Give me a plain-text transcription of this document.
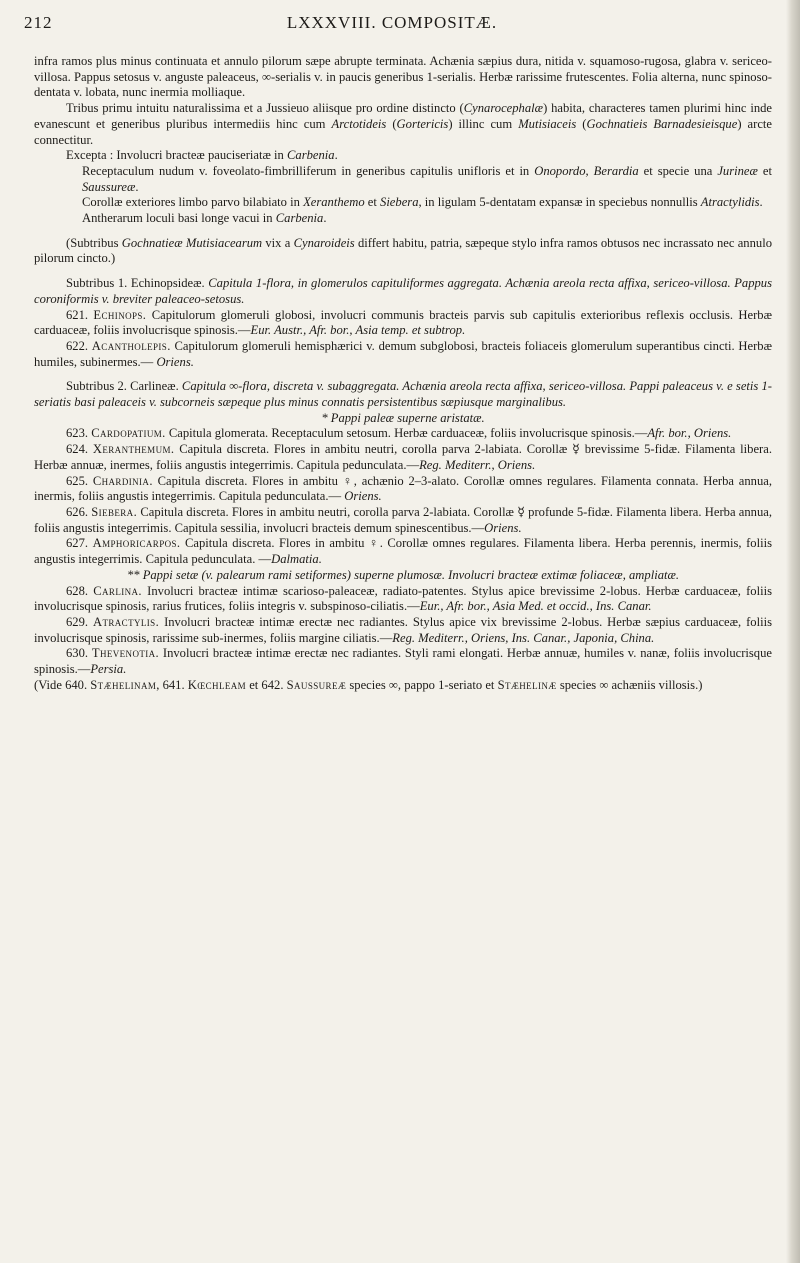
212	LXXXVIII. COMPOSITÆ.

infra ramos plus minus continuata et annulo pilorum sæpe abrupte terminata. Achænia sæpius dura, nitida v. squamoso-rugosa, glabra v. sericeo-villosa. Pappus setosus v. anguste paleaceus, ∞-serialis v. in paucis generibus 1-serialis. Herbæ rarissime frutescentes. Folia alterna, nunc spinoso-dentata v. lobata, nunc inermia molliaque.

Tribus primu intuitu naturalissima et a Jussieuo aliisque pro ordine distincto (Cynarocephalæ) habita, characteres tamen plurimi hinc inde evanescunt et generibus pluribus intermediis hinc cum Arctotideis (Gortericis) illinc cum Mutisiaceis (Gochnatieis Barnadesieisque) arcte connectitur.

Excepta : Involucri bracteæ pauciseriatæ in Carbenia.

Receptaculum nudum v. foveolato-fimbrilliferum in generibus capitulis unifloris et in Onopordo, Berardia et specie una Jurineæ et Saussureæ.

Corollæ exteriores limbo parvo bilabiato in Xeranthemo et Siebera, in ligulam 5-dentatam expansæ in speciebus nonnullis Atractylidis.

Antherarum loculi basi longe vacui in Carbenia.

(Subtribus Gochnatieæ Mutisiacearum vix a Cynaroideis differt habitu, patria, sæpeque stylo infra ramos obtusos nec incrassato nec annulo pilorum cincto.)

Subtribus 1. Echinopsideæ. Capitula 1-flora, in glomerulos capituliformes aggregata. Achænia areola recta affixa, sericeo-villosa. Pappus coroniformis v. breviter paleaceo-setosus.

621. Echinops. Capitulorum glomeruli globosi, involucri communis bracteis parvis sub capitulis exterioribus reflexis occlusis. Herbæ carduaceæ, foliis involucrisque spinosis.—Eur. Austr., Afr. bor., Asia temp. et subtrop.

622. Acantholepis. Capitulorum glomeruli hemisphærici v. demum subglobosi, bracteis foliaceis glomerulum superantibus cincti. Herbæ humiles, subinermes.— Oriens.

Subtribus 2. Carlineæ. Capitula ∞-flora, discreta v. subaggregata. Achænia areola recta affixa, sericeo-villosa. Pappi paleaceus v. e setis 1-seriatis basi paleaceis v. subcorneis sæpeque plus minus connatis persistentibus sæpiusque marginalibus.

* Pappi paleæ superne aristatæ.

623. Cardopatium. Capitula glomerata. Receptaculum setosum. Herbæ carduaceæ, foliis involucrisque spinosis.—Afr. bor., Oriens.

624. Xeranthemum. Capitula discreta. Flores in ambitu neutri, corolla parva 2-labiata. Corollæ ☿ brevissime 5-fidæ. Filamenta libera. Herbæ annuæ, inermes, foliis angustis integerrimis. Capitula pedunculata.—Reg. Mediterr., Oriens.

625. Chardinia. Capitula discreta. Flores in ambitu ♀, achænio 2–3-alato. Corollæ omnes regulares. Filamenta connata. Herba annua, inermis, foliis angustis integerrimis. Capitula pedunculata.— Oriens.

626. Siebera. Capitula discreta. Flores in ambitu neutri, corolla parva 2-labiata. Corollæ ☿ profunde 5-fidæ. Filamenta libera. Herba annua, foliis angustis integerrimis. Capitula sessilia, involucri bracteis demum spinescentibus.—Oriens.

627. Amphoricarpos. Capitula discreta. Flores in ambitu ♀. Corollæ omnes regulares. Filamenta libera. Herba perennis, inermis, foliis angustis integerrimis. Capitula pedunculata. —Dalmatia.

** Pappi setæ (v. palearum rami setiformes) superne plumosæ. Involucri bracteæ extimæ foliaceæ, ampliatæ.

628. Carlina. Involucri bracteæ intimæ scarioso-paleaceæ, radiato-patentes. Stylus apice brevissime 2-lobus. Herbæ carduaceæ, foliis involucrisque spinosis, rarius frutices, foliis integris v. subspinoso-ciliatis.—Eur., Afr. bor., Asia Med. et occid., Ins. Canar.

629. Atractylis. Involucri bracteæ intimæ erectæ nec radiantes. Stylus apice vix brevissime 2-lobus. Herbæ sæpius carduaceæ, foliis involucrisque spinosis, rarissime sub-inermes, foliis margine ciliatis.—Reg. Mediterr., Oriens, Ins. Canar., Japonia, China.

630. Thevenotia. Involucri bracteæ intimæ erectæ nec radiantes. Styli rami elongati. Herbæ annuæ, humiles v. nanæ, foliis involucrisque spinosis.—Persia.

(Vide 640. Stæhelinam, 641. Kœchleam et 642. Saussureæ species ∞, pappo 1-seriato et Stæhelinæ species ∞ achæniis villosis.)
